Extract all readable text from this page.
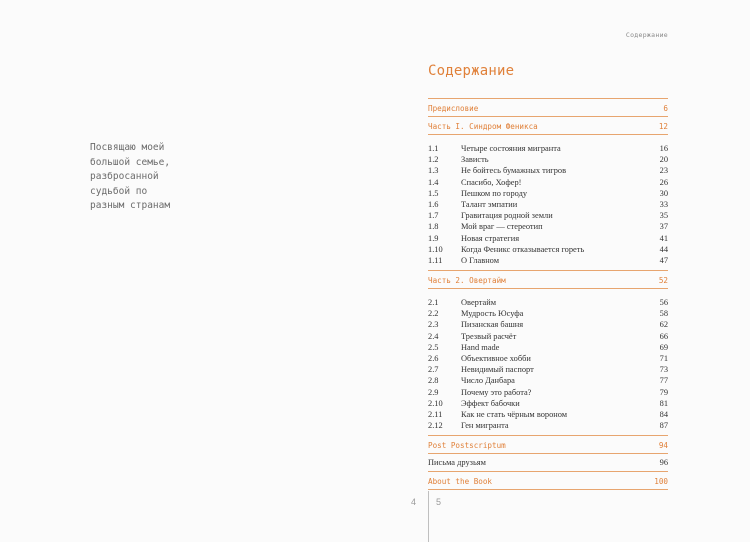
Посвящаю моей
большой семье,
разбросанной
судьбой по
разным странам
Содержание
Содержание
Предисловие	6
Часть I. Синдром Феникса	12
1.1	Четыре состояния мигранта	16
1.2	Зависть	20
1.3	Не бойтесь бумажных тигров	23
1.4	Спасибо, Хофер!	26
1.5	Пешком по городу	30
1.6	Талант эмпатии	33
1.7	Гравитация родной земли	35
1.8	Мой враг — стереотип	37
1.9	Новая стратегия	41
1.10 Когда Феникс отказывается гореть	44
1.11 О Главном	47
Часть 2. Овертайм	52
2.1	Овертайм	56
2.2	Мудрость Юсуфа	58
2.3	Пизанская башня	62
2.4	Трезвый расчёт	66
2.5	Hand made	69
2.6	Объективное хобби	71
2.7	Невидимый паспорт	73
2.8	Число Данбара	77
2.9	Почему это работа?	79
2.10 Эффект бабочки	81
2.11 Как не стать чёрным вороном	84
2.12 Ген мигранта	87
Post Postscriptum	94
Письма друзьям	96
About the Book	100
4 5
